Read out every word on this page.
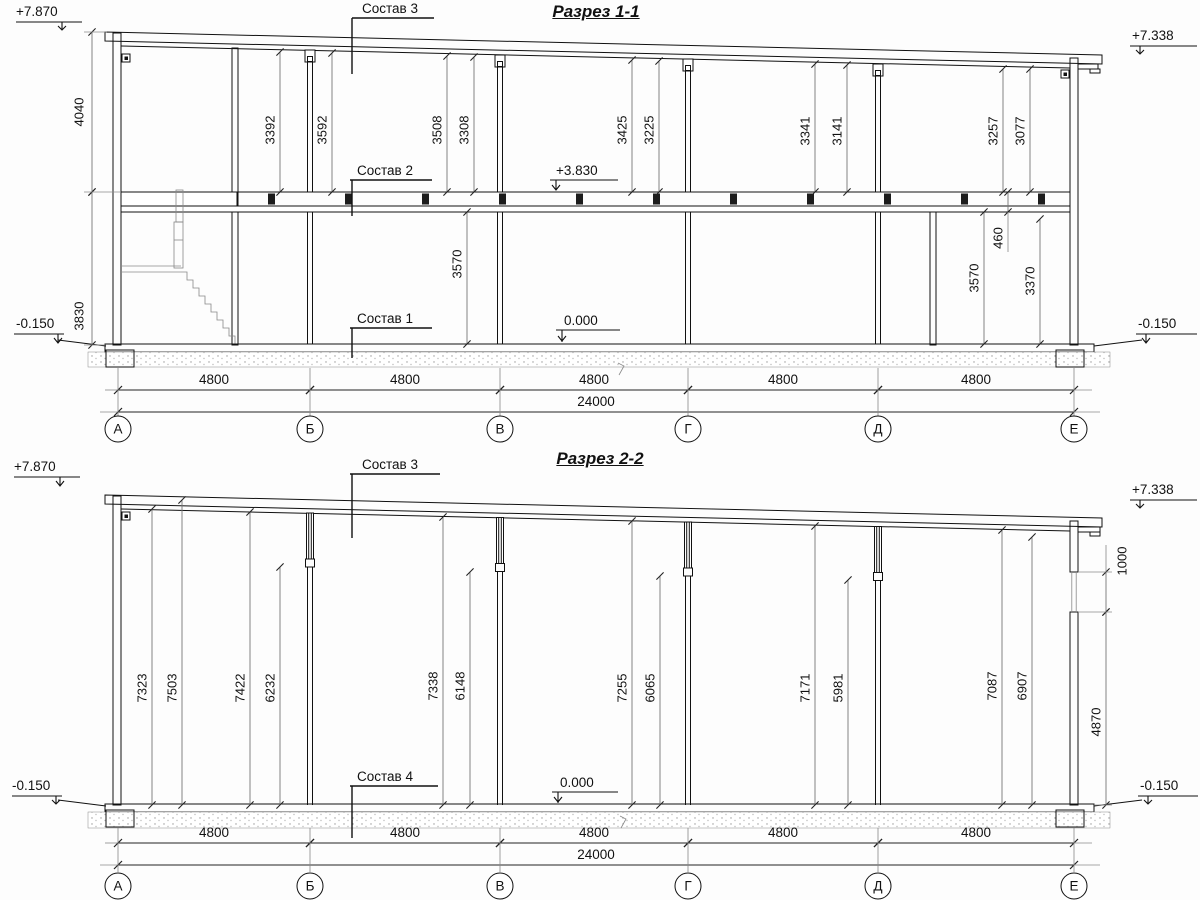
Разрез 1-1
+7.870
+7.338
-0.150	-0.150
+3.830
0.000
Состав 3
Состав 2
Состав 1
4040
3830
3392	3592	3508 3308	3425 3225	3341 3141	3257 3077
3570
460
3570	3370
4800	4800	4800	4800	4800
24000
А	Б	В	Г	Д	Е
Разрез 2-2
+7.870
+7.338
-0.150	-0.150
0.000
Состав 3
Состав 4
7323 7503	7422 6232	7338 6148	7255 6065	7171 5981	7087 6907
1000
4870
4800	4800	4800	4800	4800
24000
А	Б	В	Г	Д	Е
